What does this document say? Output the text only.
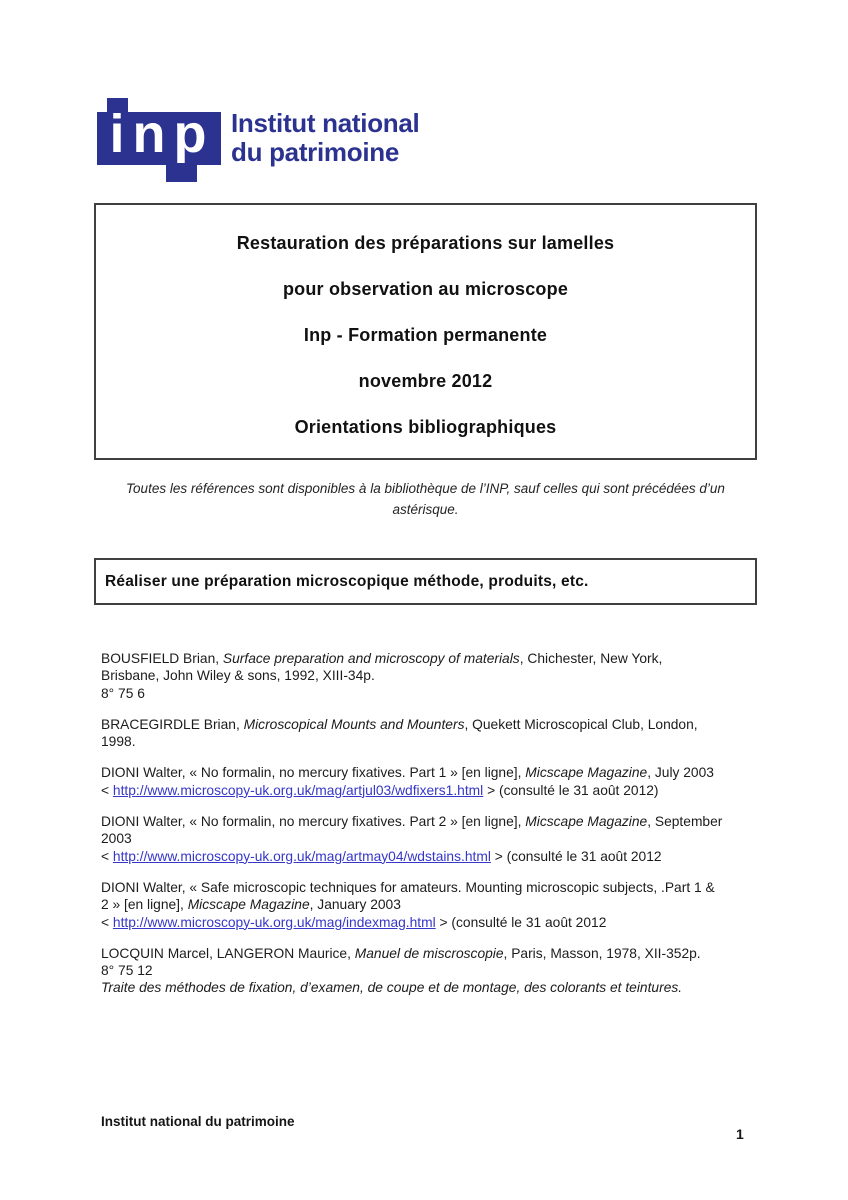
inp Institut national
du patrimoine

Restauration des préparations sur lamelles

pour observation au microscope

Inp - Formation permanente

novembre 2012

Orientations bibliographiques

Toutes les références sont disponibles à la bibliothèque de l’INP, sauf celles qui sont précédées d’un astérisque.
Réaliser une préparation microscopique méthode, produits, etc.

BOUSFIELD Brian, Surface preparation and microscopy of materials, Chichester, New York,
Brisbane, John Wiley & sons, 1992, XIII-34p.
8° 75 6

BRACEGIRDLE Brian, Microscopical Mounts and Mounters, Quekett Microscopical Club, London,
1998.

DIONI Walter, « No formalin, no mercury fixatives. Part 1 » [en ligne], Micscape Magazine, July 2003
< http://www.microscopy-uk.org.uk/mag/artjul03/wdfixers1.html > (consulté le 31 août 2012)

DIONI Walter, « No formalin, no mercury fixatives. Part 2 » [en ligne], Micscape Magazine, September
2003
< http://www.microscopy-uk.org.uk/mag/artmay04/wdstains.html > (consulté le 31 août 2012

DIONI Walter, « Safe microscopic techniques for amateurs. Mounting microscopic subjects, .Part 1 &
2 » [en ligne], Micscape Magazine, January 2003
< http://www.microscopy-uk.org.uk/mag/indexmag.html > (consulté le 31 août 2012

LOCQUIN Marcel, LANGERON Maurice, Manuel de miscroscopie, Paris, Masson, 1978, XII-352p.
8° 75 12
Traite des méthodes de fixation, d’examen, de coupe et de montage, des colorants et teintures.

Institut national du patrimoine
1
